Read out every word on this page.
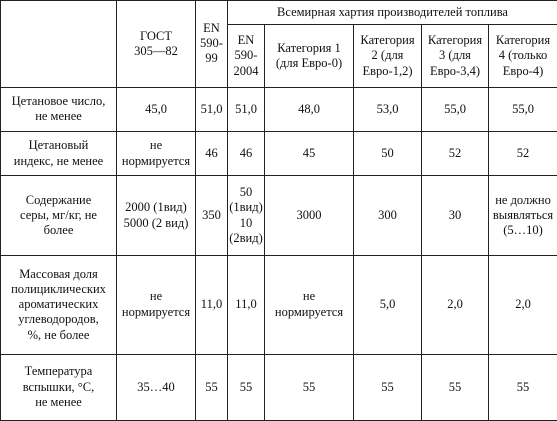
	ГОСТ
305—82	EN
590-
99	Всемирная хартия производителей топлива				

			EN
590-
2004	Категория 1
(для Евро-0)	Категория
2 (для
Евро-1,2)	Категория
3 (для
Евро-3,4)	Категория
4 (только
Евро-4)

Цетановое число,
не менее	45,0	51,0	51,0	48,0	53,0	55,0	55,0

Цетановый
индекс, не менее	не
нормируется	46	46	45	50	52	52

Содержание
серы, мг/кг, не
более	2000 (1вид)
5000 (2 вид)	350	50
(1вид)
10
(2вид)	3000	300	30	не должно
выявляться
(5…10)

Массовая доля
полициклических
ароматических
углеводородов,
%, не более	не
нормируется	11,0	11,0	не
нормируется	5,0	2,0	2,0

Температура
вспышки, °С,
не менее	35…40	55	55	55	55	55	55
